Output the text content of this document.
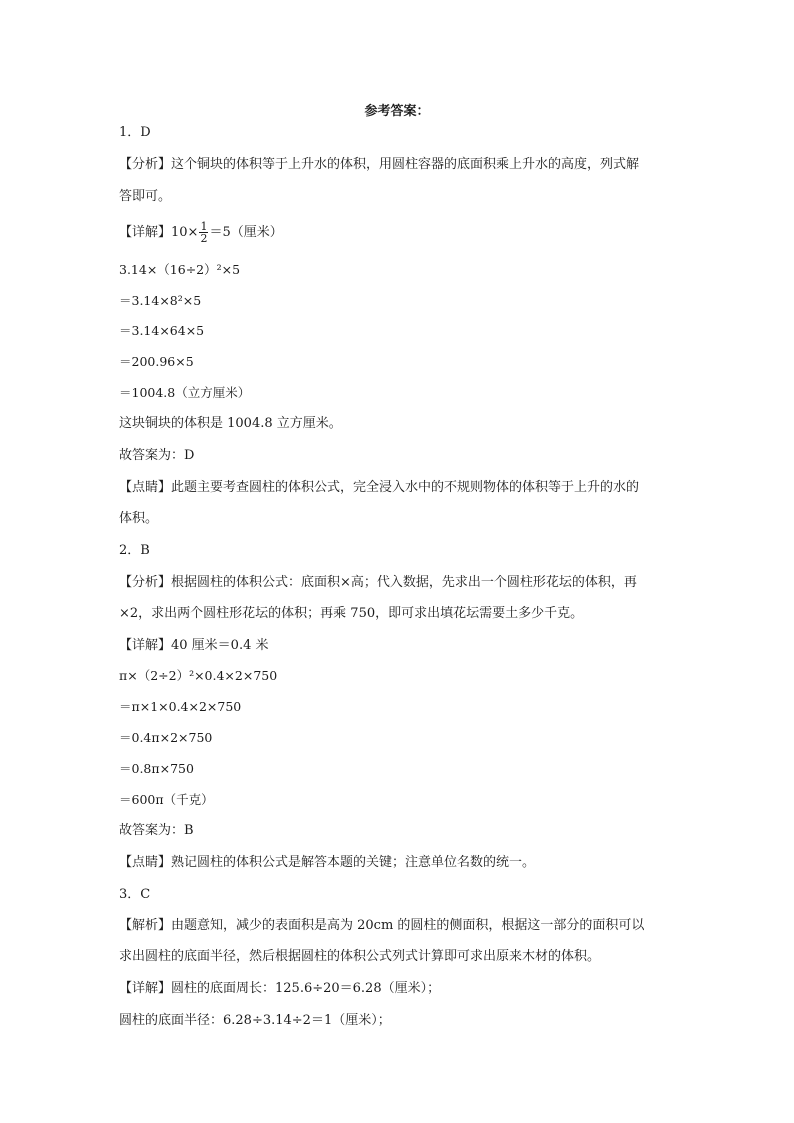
参考答案：
1．D
【分析】这个铜块的体积等于上升水的体积，用圆柱容器的底面积乘上升水的高度，列式解
答即可。
【详解】$10\times \frac{1}{2} =5$（厘米）
3.14×（16÷2）²×5
＝3.14×8²×5
＝3.14×64×5
＝200.96×5
＝1004.8（立方厘米）
这块铜块的体积是 1004.8 立方厘米。
故答案为：D
【点睛】此题主要考查圆柱的体积公式，完全浸入水中的不规则物体的体积等于上升的水的
体积。
2．B
【分析】根据圆柱的体积公式：底面积×高；代入数据，先求出一个圆柱形花坛的体积，再
×2，求出两个圆柱形花坛的体积；再乘 750，即可求出填花坛需要土多少千克。
【详解】40 厘米＝0.4 米
π×（2÷2）²×0.4×2×750
＝π×1×0.4×2×750
＝0.4π×2×750
＝0.8π×750
＝600π（千克）
故答案为：B
【点睛】熟记圆柱的体积公式是解答本题的关键；注意单位名数的统一。
3．C
【解析】由题意知，减少的表面积是高为 20cm 的圆柱的侧面积，根据这一部分的面积可以
求出圆柱的底面半径，然后根据圆柱的体积公式列式计算即可求出原来木材的体积。
【详解】圆柱的底面周长：125.6÷20＝6.28（厘米）；
圆柱的底面半径：6.28÷3.14÷2＝1（厘米）；
